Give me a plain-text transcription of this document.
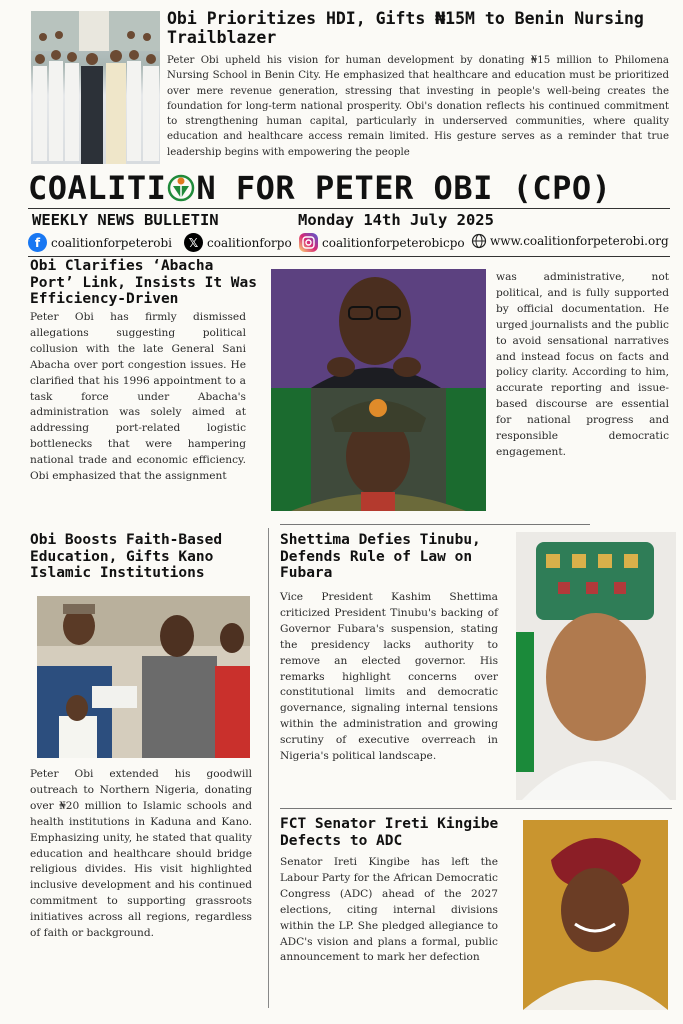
Obi Prioritizes HDI, Gifts ₦15M to Benin Nursing Trailblazer
Peter Obi upheld his vision for human development by donating ₦15 million to Philomena Nursing School in Benin City. He emphasized that healthcare and education must be prioritized over mere revenue generation, stressing that investing in people's well-being creates the foundation for long-term national prosperity. Obi's donation reflects his continued commitment to strengthening human capital, particularly in underserved communities, where quality education and healthcare access remain limited. His gesture serves as a reminder that true leadership begins with empowering the people
COALITI N FOR PETER OBI (CPO)
WEEKLY NEWS BULLETIN	Monday 14th July 2025
f coalitionforpeterobi	𝕏 coalitionforpo	coalitionforpeterobicpo www.coalitionforpeterobi.org
Obi Clarifies ‘Abacha Port’ Link, Insists It Was Efficiency-Driven
Peter Obi has firmly dismissed allegations suggesting political collusion with the late General Sani Abacha over port congestion issues. He clarified that his 1996 appointment to a task force under Abacha's administration was solely aimed at addressing port-related logistic bottlenecks that were hampering national trade and economic efficiency. Obi emphasized that the assignment
was administrative, not political, and is fully supported by official documentation. He urged journalists and the public to avoid sensational narratives and instead focus on facts and policy clarity. According to him, accurate reporting and issue-based discourse are essential for national progress and responsible democratic engagement.
Obi Boosts Faith-Based Education, Gifts Kano Islamic Institutions
Peter Obi extended his goodwill outreach to Northern Nigeria, donating over ₦20 million to Islamic schools and health institutions in Kaduna and Kano. Emphasizing unity, he stated that quality education and healthcare should bridge religious divides. His visit highlighted inclusive development and his continued commitment to supporting grassroots initiatives across all regions, regardless of faith or background.
Shettima Defies Tinubu, Defends Rule of Law on Fubara
Vice President Kashim Shettima criticized President Tinubu's backing of Governor Fubara's suspension, stating the presidency lacks authority to remove an elected governor. His remarks highlight concerns over constitutional limits and democratic governance, signaling internal tensions within the administration and growing scrutiny of executive overreach in Nigeria's political landscape.
FCT Senator Ireti Kingibe Defects to ADC
Senator Ireti Kingibe has left the Labour Party for the African Democratic Congress (ADC) ahead of the 2027 elections, citing internal divisions within the LP. She pledged allegiance to ADC's vision and plans a formal, public announcement to mark her defection
